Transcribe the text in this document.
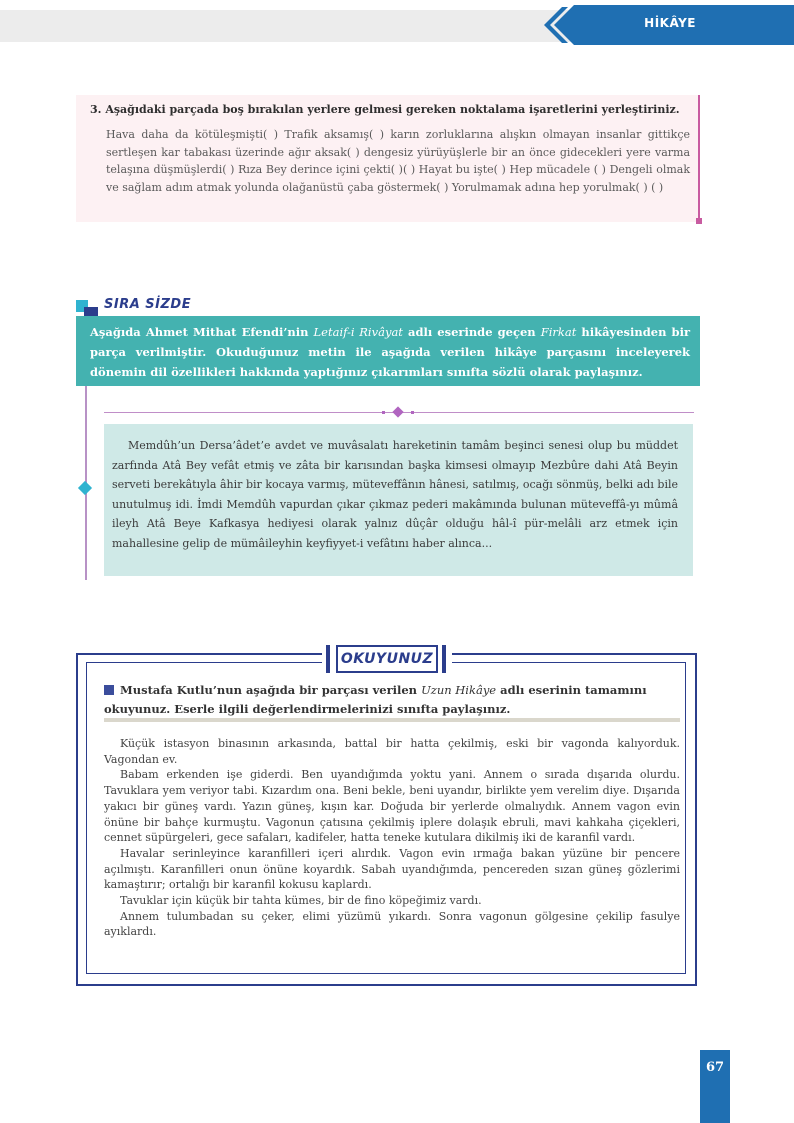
HİKÂYE
3. Aşağıdaki parçada boş bırakılan yerlere gelmesi gereken noktalama işaretlerini yerleştiriniz.
Hava daha da kötüleşmişti( ) Trafik aksamış( ) karın zorluklarına alışkın olmayan insanlar gittikçe sertleşen kar tabakası üzerinde ağır aksak( ) dengesiz yürüyüşlerle bir an önce gidecekleri yere varma telaşına düşmüşlerdi( ) Rıza Bey derince içini çekti( )( ) Hayat bu işte( ) Hep mücadele ( ) Dengeli olmak ve sağlam adım atmak yolunda olağanüstü çaba göstermek( ) Yorulmamak adına hep yorulmak( ) ( )
SIRA SİZDE
Aşağıda Ahmet Mithat Efendi’nin Letaif-i Rivâyat adlı eserinde geçen Firkat hikâyesinden bir parça verilmiştir. Okuduğunuz metin ile aşağıda verilen hikâye parçasını inceleyerek dönemin dil özellikleri hakkında yaptığınız çıkarımları sınıfta sözlü olarak paylaşınız.
Memdûh’un Dersa’âdet’e avdet ve muvâsalatı hareketinin tamâm beşinci senesi olup bu müddet zarfında Atâ Bey vefât etmiş ve zâta bir karısından başka kimsesi olmayıp Mezbûre dahi Atâ Beyin serveti berekâtıyla âhir bir kocaya varmış, müteveffânın hânesi, satılmış, ocağı sönmüş, belki adı bile unutulmuş idi. İmdi Memdûh vapurdan çıkar çıkmaz pederi makâmında bulunan müteveffâ-yı mûmâ ileyh Atâ Beye Kafkasya hediyesi olarak yalnız dûçâr olduğu hâl-î pür-melâli arz etmek için mahallesine gelip de mümâileyhin keyfiyyet-i vefâtını haber alınca...
OKUYUNUZ
Mustafa Kutlu’nun aşağıda bir parçası verilen Uzun Hikâye adlı eserinin tamamını okuyunuz. Eserle ilgili değerlendirmelerinizi sınıfta paylaşınız.

Küçük istasyon binasının arkasında, battal bir hatta çekilmiş, eski bir vagonda kalıyorduk. Vagondan ev.

Babam erkenden işe giderdi. Ben uyandığımda yoktu yani. Annem o sırada dışarıda olurdu. Tavuklara yem veriyor tabi. Kızardım ona. Beni bekle, beni uyandır, birlikte yem verelim diye. Dışarıda yakıcı bir güneş vardı. Yazın güneş, kışın kar. Doğuda bir yerlerde olmalıydık. Annem vagon evin önüne bir bahçe kurmuştu. Vagonun çatısına çekilmiş iplere dolaşık ebruli, mavi kahkaha çiçekleri, cennet süpürgeleri, gece safaları, kadifeler, hatta teneke kutulara dikilmiş iki de karanfil vardı.

Havalar serinleyince karanfilleri içeri alırdık. Vagon evin ırmağa bakan yüzüne bir pencere açılmıştı. Karanfilleri onun önüne koyardık. Sabah uyandığımda, pencereden sızan güneş gözlerimi kamaştırır; ortalığı bir karanfil kokusu kaplardı.

Tavuklar için küçük bir tahta kümes, bir de fino köpeğimiz vardı.

Annem tulumbadan su çeker, elimi yüzümü yıkardı. Sonra vagonun gölgesine çekilip fasulye ayıklardı.

67
